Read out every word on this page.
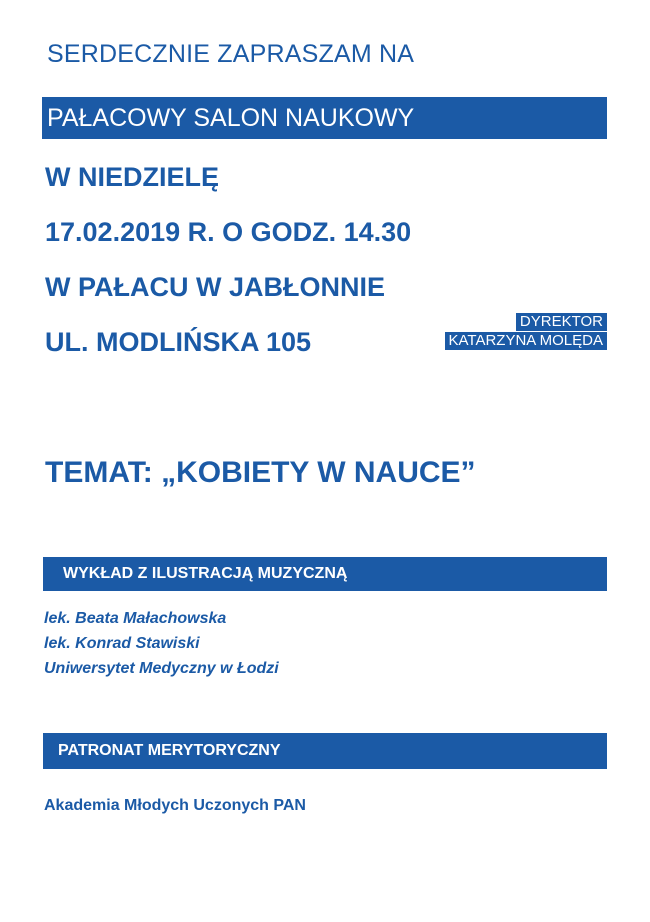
SERDECZNIE ZAPRASZAM NA
PAŁACOWY SALON NAUKOWY
W NIEDZIELĘ
17.02.2019 R. O GODZ. 14.30
W PAŁACU W JABŁONNIE
UL. MODLIŃSKA 105
DYREKTOR
KATARZYNA MOLĘDA
TEMAT: „KOBIETY W NAUCE”
WYKŁAD Z ILUSTRACJĄ MUZYCZNĄ
lek. Beata Małachowska
lek. Konrad Stawiski
Uniwersytet Medyczny w Łodzi
PATRONAT MERYTORYCZNY
Akademia Młodych Uczonych PAN
